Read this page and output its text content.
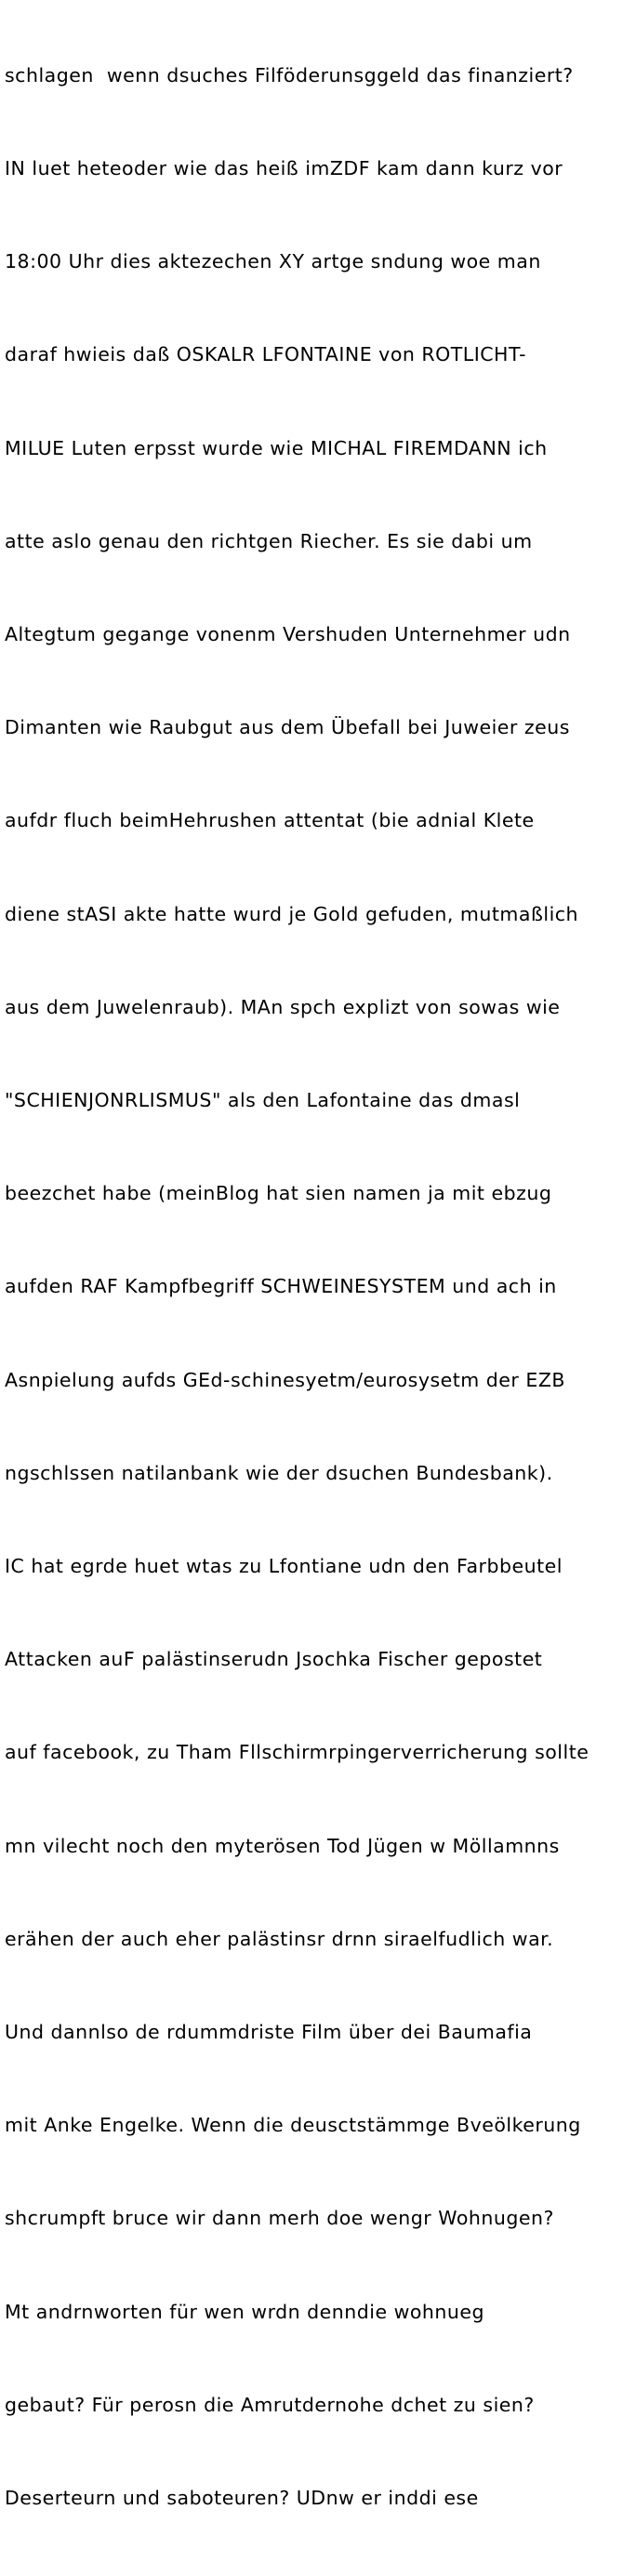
schlagen  wenn dsuches Filföderunsggeld das finanziert?

IN luet heteoder wie das heiß imZDF kam dann kurz vor

18:00 Uhr dies aktezechen XY artge sndung woe man

daraf hwieis daß OSKALR LFONTAINE von ROTLICHT-

MILUE Luten erpsst wurde wie MICHAL FIREMDANN ich

atte aslo genau den richtgen Riecher. Es sie dabi um

Altegtum gegange vonenm Vershuden Unternehmer udn

Dimanten wie Raubgut aus dem Übefall bei Juweier zeus

aufdr fluch beimHehrushen attentat (bie adnial Klete

diene stASI akte hatte wurd je Gold gefuden, mutmaßlich

aus dem Juwelenraub). MAn spch explizt von sowas wie

"SCHIENJONRLISMUS" als den Lafontaine das dmasl

beezchet habe (meinBlog hat sien namen ja mit ebzug

aufden RAF Kampfbegriff SCHWEINESYSTEM und ach in

Asnpielung aufds GEd-schinesyetm/eurosysetm der EZB

ngschlssen natilanbank wie der dsuchen Bundesbank).

IC hat egrde huet wtas zu Lfontiane udn den Farbbeutel

Attacken auF palästinserudn Jsochka Fischer gepostet

auf facebook, zu Tham Fllschirmrpingerverricherung sollte

mn vilecht noch den myterösen Tod Jügen w Möllamnns

erähen der auch eher palästinsr drnn siraelfudlich war.

Und dannlso de rdummdriste Film über dei Baumafia

mit Anke Engelke. Wenn die deusctstämmge Bveölkerung

shcrumpft bruce wir dann merh doe wengr Wohnugen?

Mt andrnworten für wen wrdn denndie wohnueg

gebaut? Für perosn die Amrutdernohe dchet zu sien?

Deserteurn und saboteuren? UDnw er inddi ese
